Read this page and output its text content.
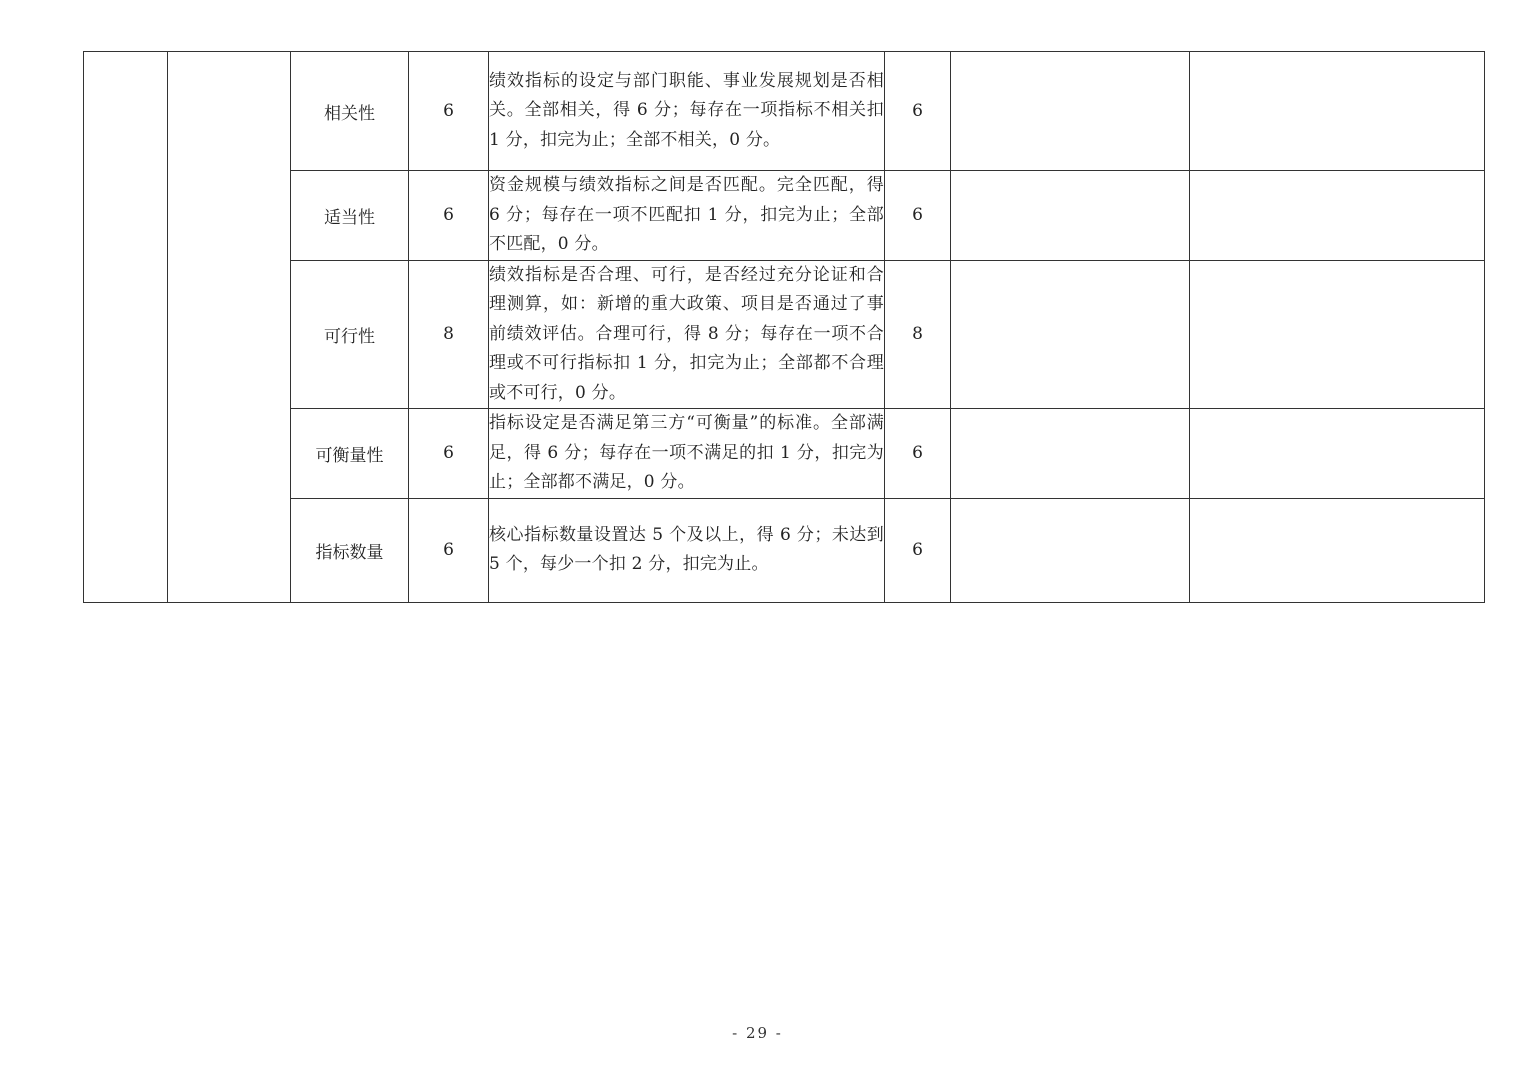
		相关性	6	绩效指标的设定与部门职能、事业发展规划是否相关。全部相关，得 6 分；每存在一项指标不相关扣 1 分，扣完为止；全部不相关，0 分。	6		
		适当性	6	资金规模与绩效指标之间是否匹配。完全匹配，得 6 分；每存在一项不匹配扣 1 分，扣完为止；全部不匹配，0 分。	6		
		可行性	8	绩效指标是否合理、可行，是否经过充分论证和合理测算，如：新增的重大政策、项目是否通过了事前绩效评估。合理可行，得 8 分；每存在一项不合理或不可行指标扣 1 分，扣完为止；全部都不合理或不可行，0 分。	8		
		可衡量性	6	指标设定是否满足第三方“可衡量”的标准。全部满足，得 6 分；每存在一项不满足的扣 1 分，扣完为止；全部都不满足，0 分。	6		
		指标数量	6	核心指标数量设置达 5 个及以上，得 6 分；未达到 5 个，每少一个扣 2 分，扣完为止。	6		
- 29 -
